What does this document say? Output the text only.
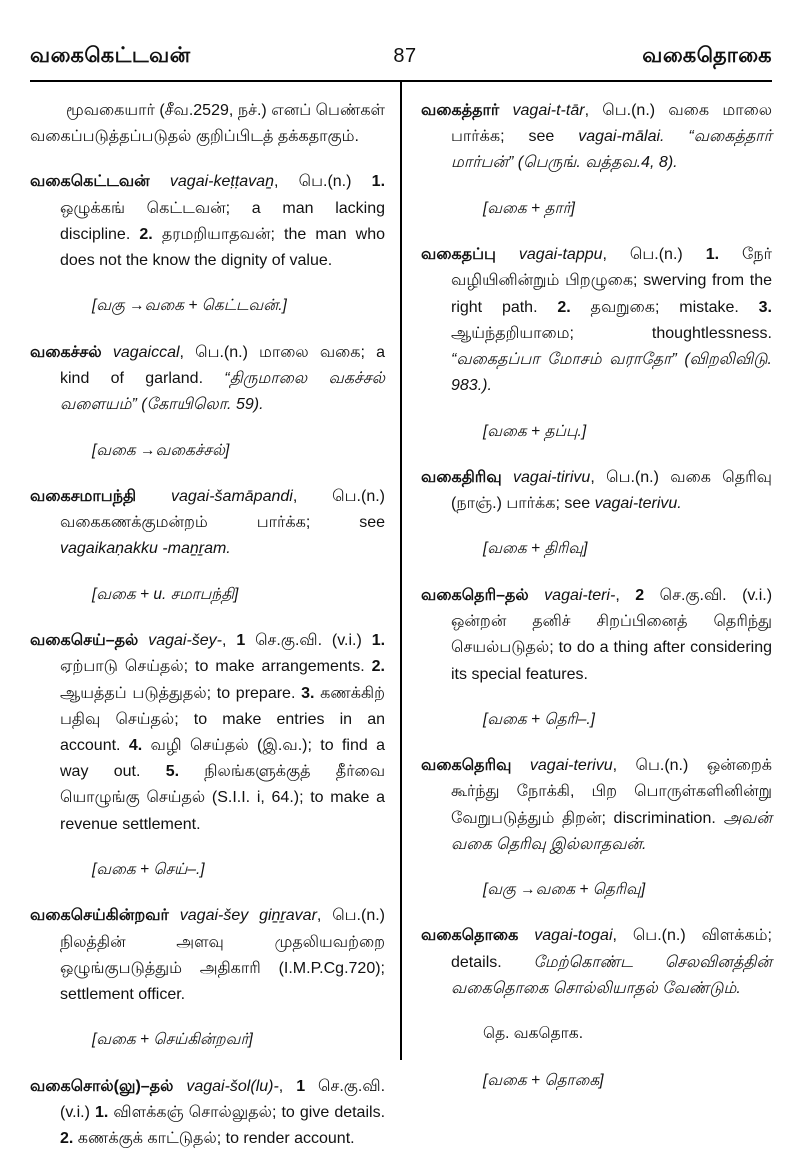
வகைகெட்டவன்	87	வகைதொகை

மூவகையார் (சீவ.2529, நச்.) எனப் பெண்கள் வகைப்படுத்தப்படுதல் குறிப்பிடத் தக்கதாகும்.

வகைகெட்டவன் vagai-keṭṭavaṉ, பெ.(n.) 1. ஒழுக்கங் கெட்டவன்; a man lacking discipline. 2. தரமறியாதவன்; the man who does not the know the dignity of value.

[வகு →வகை + கெட்டவன்.]

வகைச்சல் vagaiccal, பெ.(n.) மாலை வகை; a kind of garland. “திருமாலை வகச்சல் வளையம்” (கோயிலொ. 59).

[வகை →வகைச்சல்]

வகைசமாபந்தி vagai-šamāpandi, பெ.(n.) வகைகணக்குமன்றம் பார்க்க; see vagaikaṇakku -maṉṟam.

[வகை + u. சமாபந்தி]

வகைசெய்–தல் vagai-šey-, 1 செ.கு.வி. (v.i.) 1. ஏற்பாடு செய்தல்; to make arrangements. 2. ஆயத்தப் படுத்துதல்; to prepare. 3. கணக்கிற் பதிவு செய்தல்; to make entries in an account. 4. வழி செய்தல் (இ.வ.); to find a way out. 5. நிலங்களுக்குத் தீர்வை யொழுங்கு செய்தல் (S.I.I. i, 64.); to make a revenue settlement.

[வகை + செய்–.]

வகைசெய்கின்றவர் vagai-šey giṉṟavar, பெ.(n.) நிலத்தின் அளவு முதலியவற்றை ஒழுங்குபடுத்தும் அதிகாரி (I.M.P.Cg.720); settlement officer.

[வகை + செய்கின்றவர்]

வகைசொல்(லு)–தல் vagai-šol(lu)-, 1 செ.கு.வி.(v.i.) 1. விளக்கஞ் சொல்லுதல்; to give details. 2. கணக்குக் காட்டுதல்; to render account.

வகைத்தார் vagai-t-tār, பெ.(n.) வகை மாலை பார்க்க; see vagai-mālai. “வகைத்தார் மார்பன்” (பெருங். வத்தவ.4, 8).

[வகை + தார்]

வகைதப்பு vagai-tappu, பெ.(n.) 1. நேர் வழியினின்றும் பிறழுகை; swerving from the right path. 2. தவறுகை; mistake. 3. ஆய்ந்தறியாமை; thoughtlessness. “வகைதப்பா மோசம் வராதோ” (விறலிவிடு. 983.).

[வகை + தப்பு.]

வகைதிரிவு vagai-tirivu, பெ.(n.) வகை தெரிவு (நாஞ்.) பார்க்க; see vagai-terivu.

[வகை + திரிவு]

வகைதெரி–தல் vagai-teri-, 2 செ.கு.வி. (v.i.) ஒன்றன் தனிச் சிறப்பினைத் தெரிந்து செயல்படுதல்; to do a thing after considering its special features.

[வகை + தெரி–.]

வகைதெரிவு vagai-terivu, பெ.(n.) ஒன்றைக் கூர்ந்து நோக்கி, பிற பொருள்களினின்று வேறுபடுத்தும் திறன்; discrimination. அவன் வகை தெரிவு இல்லாதவன்.

[வகு →வகை + தெரிவு]

வகைதொகை vagai-togai, பெ.(n.) விளக்கம்; details. மேற்கொண்ட செலவினத்தின் வகைதொகை சொல்லியாதல் வேண்டும்.

தெ. வகதொக.

[வகை + தொகை]
